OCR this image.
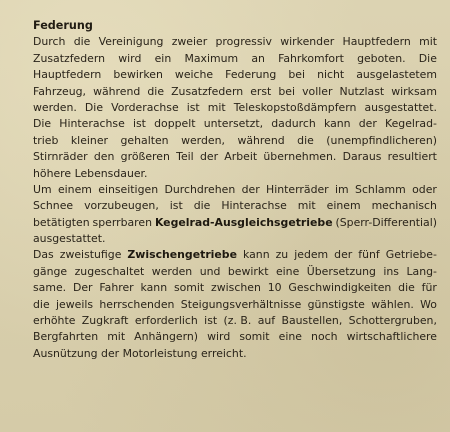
Federung
Durch die Vereinigung zweier progressiv wirkender Hauptfedern mit
Zusatzfedern wird ein Maximum an Fahrkomfort geboten. Die
Hauptfedern bewirken weiche Federung bei nicht ausgelastetem
Fahrzeug, während die Zusatzfedern erst bei voller Nutzlast wirksam
werden. Die Vorderachse ist mit Teleskopstoßdämpfern ausgestattet.
Die Hinterachse ist doppelt untersetzt, dadurch kann der Kegelrad-
trieb kleiner gehalten werden, während die (unempfindlicheren)
Stirnräder den größeren Teil der Arbeit übernehmen. Daraus resultiert
höhere Lebensdauer.
Um einem einseitigen Durchdrehen der Hinterräder im Schlamm oder
Schnee vorzubeugen, ist die Hinterachse mit einem mechanisch
betätigten sperrbaren Kegelrad-Ausgleichsgetriebe (Sperr-Differential)
ausgestattet.
Das zweistufige Zwischengetriebe kann zu jedem der fünf Getriebe-
gänge zugeschaltet werden und bewirkt eine Übersetzung ins Lang-
same. Der Fahrer kann somit zwischen 10 Geschwindigkeiten die für
die jeweils herrschenden Steigungsverhältnisse günstigste wählen. Wo
erhöhte Zugkraft erforderlich ist (z. B. auf Baustellen, Schottergruben,
Bergfahrten mit Anhängern) wird somit eine noch wirtschaftlichere
Ausnützung der Motorleistung erreicht.
